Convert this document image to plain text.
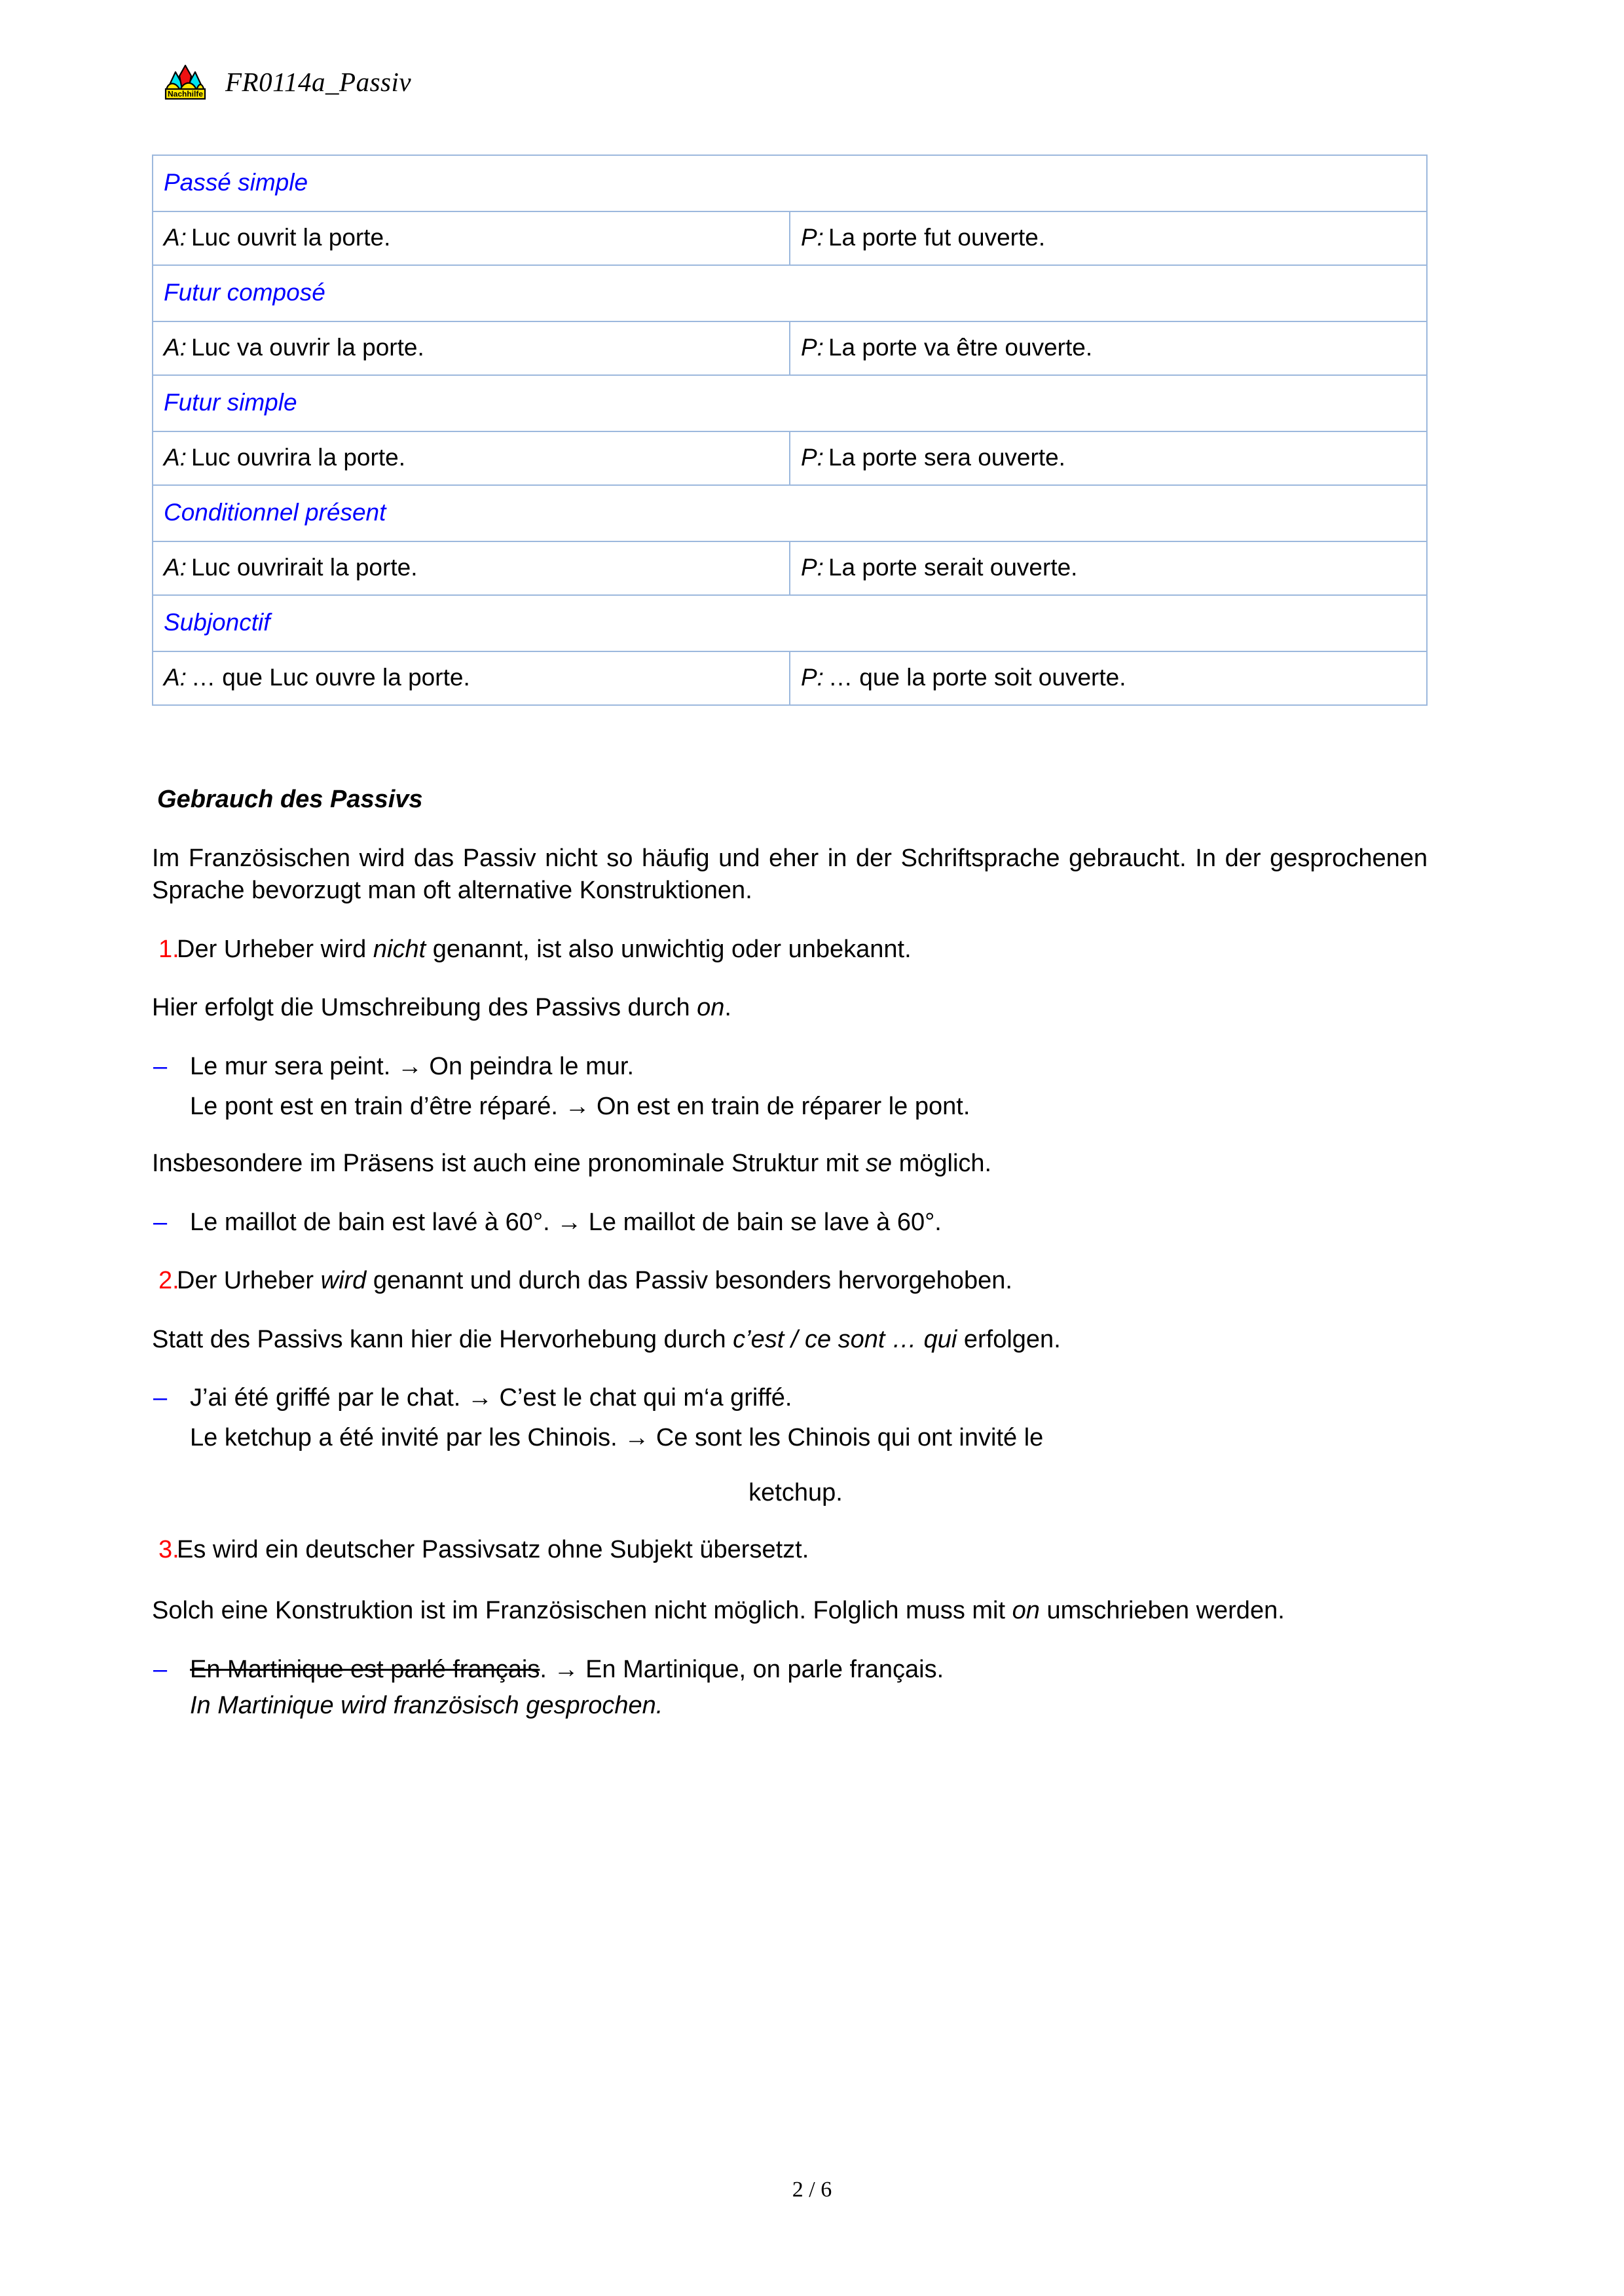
Nachhilfe FR0114a_Passiv
Passé simple	
A: Luc ouvrit la porte.	P: La porte fut ouverte.
Futur composé	
A: Luc va ouvrir la porte.	P: La porte va être ouverte.
Futur simple	
A: Luc ouvrira la porte.	P: La porte sera ouverte.
Conditionnel présent	
A: Luc ouvrirait la porte.	P: La porte serait ouverte.
Subjonctif	
A: … que Luc ouvre la porte.	P: … que la porte soit ouverte.
Gebrauch des Passivs

Im Französischen wird das Passiv nicht so häufig und eher in der Schriftsprache gebraucht. In der gesprochenen Sprache bevorzugt man oft alternative Konstruktionen.

1.
Der Urheber wird nicht genannt, ist also unwichtig oder unbekannt.

Hier erfolgt die Umschreibung des Passivs durch on.

– Le mur sera peint. → On peindra le mur.
Le pont est en train d’être réparé. → On est en train de réparer le pont.

Insbesondere im Präsens ist auch eine pronominale Struktur mit se möglich.

– Le maillot de bain est lavé à 60°. → Le maillot de bain se lave à 60°.
2.
Der Urheber wird genannt und durch das Passiv besonders hervorgehoben.

Statt des Passivs kann hier die Hervorhebung durch c’est / ce sont … qui erfolgen.

– J’ai été griffé par le chat. → C’est le chat qui m‘a griffé.
Le ketchup a été invité par les Chinois. → Ce sont les Chinois qui ont invité le
ketchup.
3.
Es wird ein deutscher Passivsatz ohne Subjekt übersetzt.

Solch eine Konstruktion ist im Französischen nicht möglich. Folglich muss mit on umschrieben werden.

– En Martinique est parlé français. → En Martinique, on parle français.
In Martinique wird französisch gesprochen.
2 / 6
